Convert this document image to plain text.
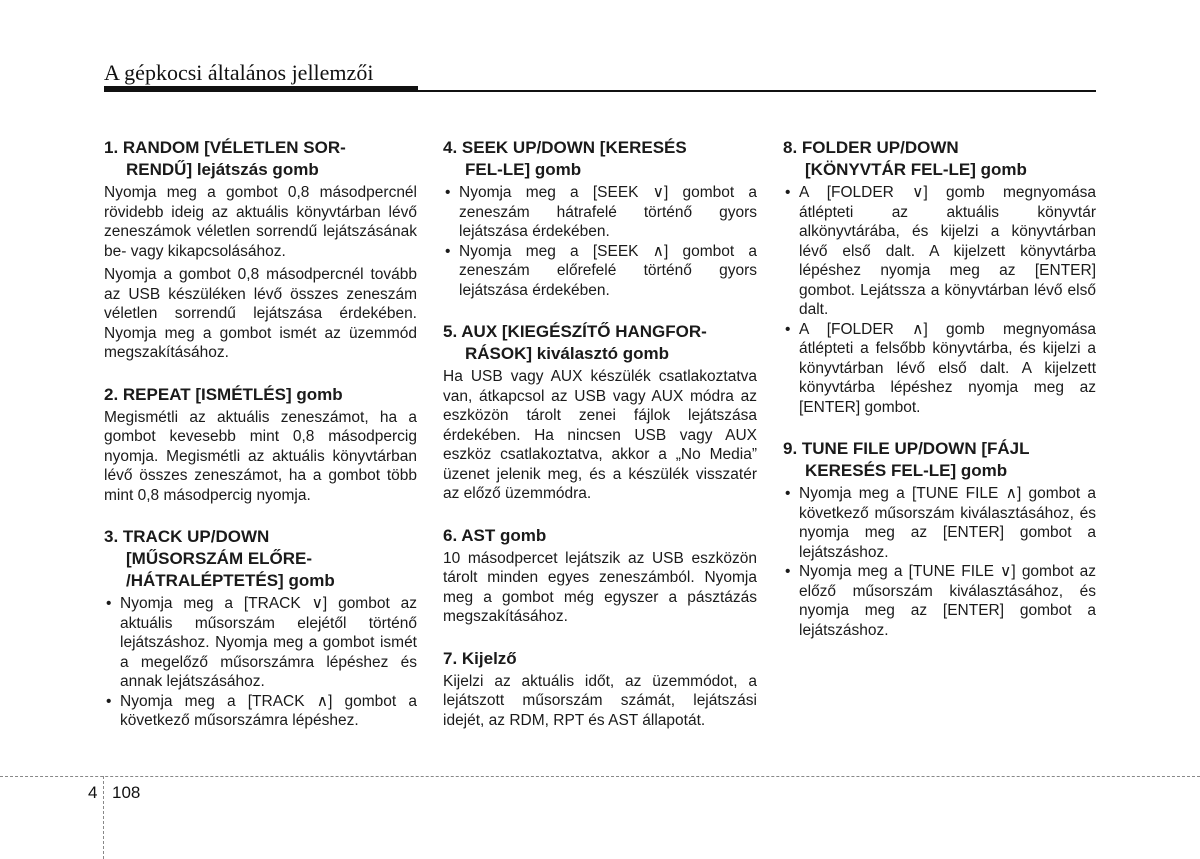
A gépkocsi általános jellemzői
1. RANDOM [VÉLETLEN SOR-
RENDŰ] lejátszás gomb

Nyomja meg a gombot 0,8 másodpercnél rövidebb ideig az aktuális könyvtárban lévő zeneszámok véletlen sorrendű lejátszásának be- vagy kikapcsolásához.

Nyomja a gombot 0,8 másodpercnél tovább az USB készüléken lévő összes zeneszám véletlen sorrendű lejátszása érdekében. Nyomja meg a gombot ismét az üzemmód megszakításához.

2. REPEAT [ISMÉTLÉS] gomb

Megismétli az aktuális zeneszámot, ha a gombot kevesebb mint 0,8 másodpercig nyomja. Megismétli az aktuális könyvtárban lévő összes zeneszámot, ha a gombot több mint 0,8 másodpercig nyomja.

3. TRACK UP/DOWN
[MŰSORSZÁM ELŐRE-
/HÁTRALÉPTETÉS] gomb
• Nyomja meg a [TRACK ∨] gombot az aktuális műsorszám elejétől történő lejátszáshoz. Nyomja meg a gombot ismét a megelőző műsorszámra lépéshez és annak lejátszásához.
• Nyomja meg a [TRACK ∧] gombot a következő műsorszámra lépéshez.
4. SEEK UP/DOWN [KERESÉS
FEL-LE] gomb
• Nyomja meg a [SEEK ∨] gombot a zeneszám hátrafelé történő gyors lejátszása érdekében.
• Nyomja meg a [SEEK ∧] gombot a zeneszám előrefelé történő gyors lejátszása érdekében.
5. AUX [KIEGÉSZÍTŐ HANGFOR-
RÁSOK] kiválasztó gomb

Ha USB vagy AUX készülék csatlakoztatva van, átkapcsol az USB vagy AUX módra az eszközön tárolt zenei fájlok lejátszása érdekében. Ha nincsen USB vagy AUX eszköz csatlakoztatva, akkor a „No Media” üzenet jelenik meg, és a készülék visszatér az előző üzemmódra.

6. AST gomb

10 másodpercet lejátszik az USB eszközön tárolt minden egyes zeneszámból. Nyomja meg a gombot még egyszer a pásztázás megszakításához.

7. Kijelző

Kijelzi az aktuális időt, az üzemmódot, a lejátszott műsorszám számát, lejátszási idejét, az RDM, RPT és AST állapotát.

8. FOLDER UP/DOWN
[KÖNYVTÁR FEL-LE] gomb
• A [FOLDER ∨] gomb megnyomása átlépteti az aktuális könyvtár alkönyvtárába, és kijelzi a könyvtárban lévő első dalt. A kijelzett könyvtárba lépéshez nyomja meg az [ENTER] gombot. Lejátssza a könyvtárban lévő első dalt.
• A [FOLDER ∧] gomb megnyomása átlépteti a felsőbb könyvtárba, és kijelzi a könyvtárban lévő első dalt. A kijelzett könyvtárba lépéshez nyomja meg az [ENTER] gombot.
9. TUNE FILE UP/DOWN [FÁJL
KERESÉS FEL-LE] gomb
• Nyomja meg a [TUNE FILE ∧] gombot a következő műsorszám kiválasztásához, és nyomja meg az [ENTER] gombot a lejátszáshoz.
• Nyomja meg a [TUNE FILE ∨] gombot az előző műsorszám kiválasztásához, és nyomja meg az [ENTER] gombot a lejátszáshoz.
4 108
